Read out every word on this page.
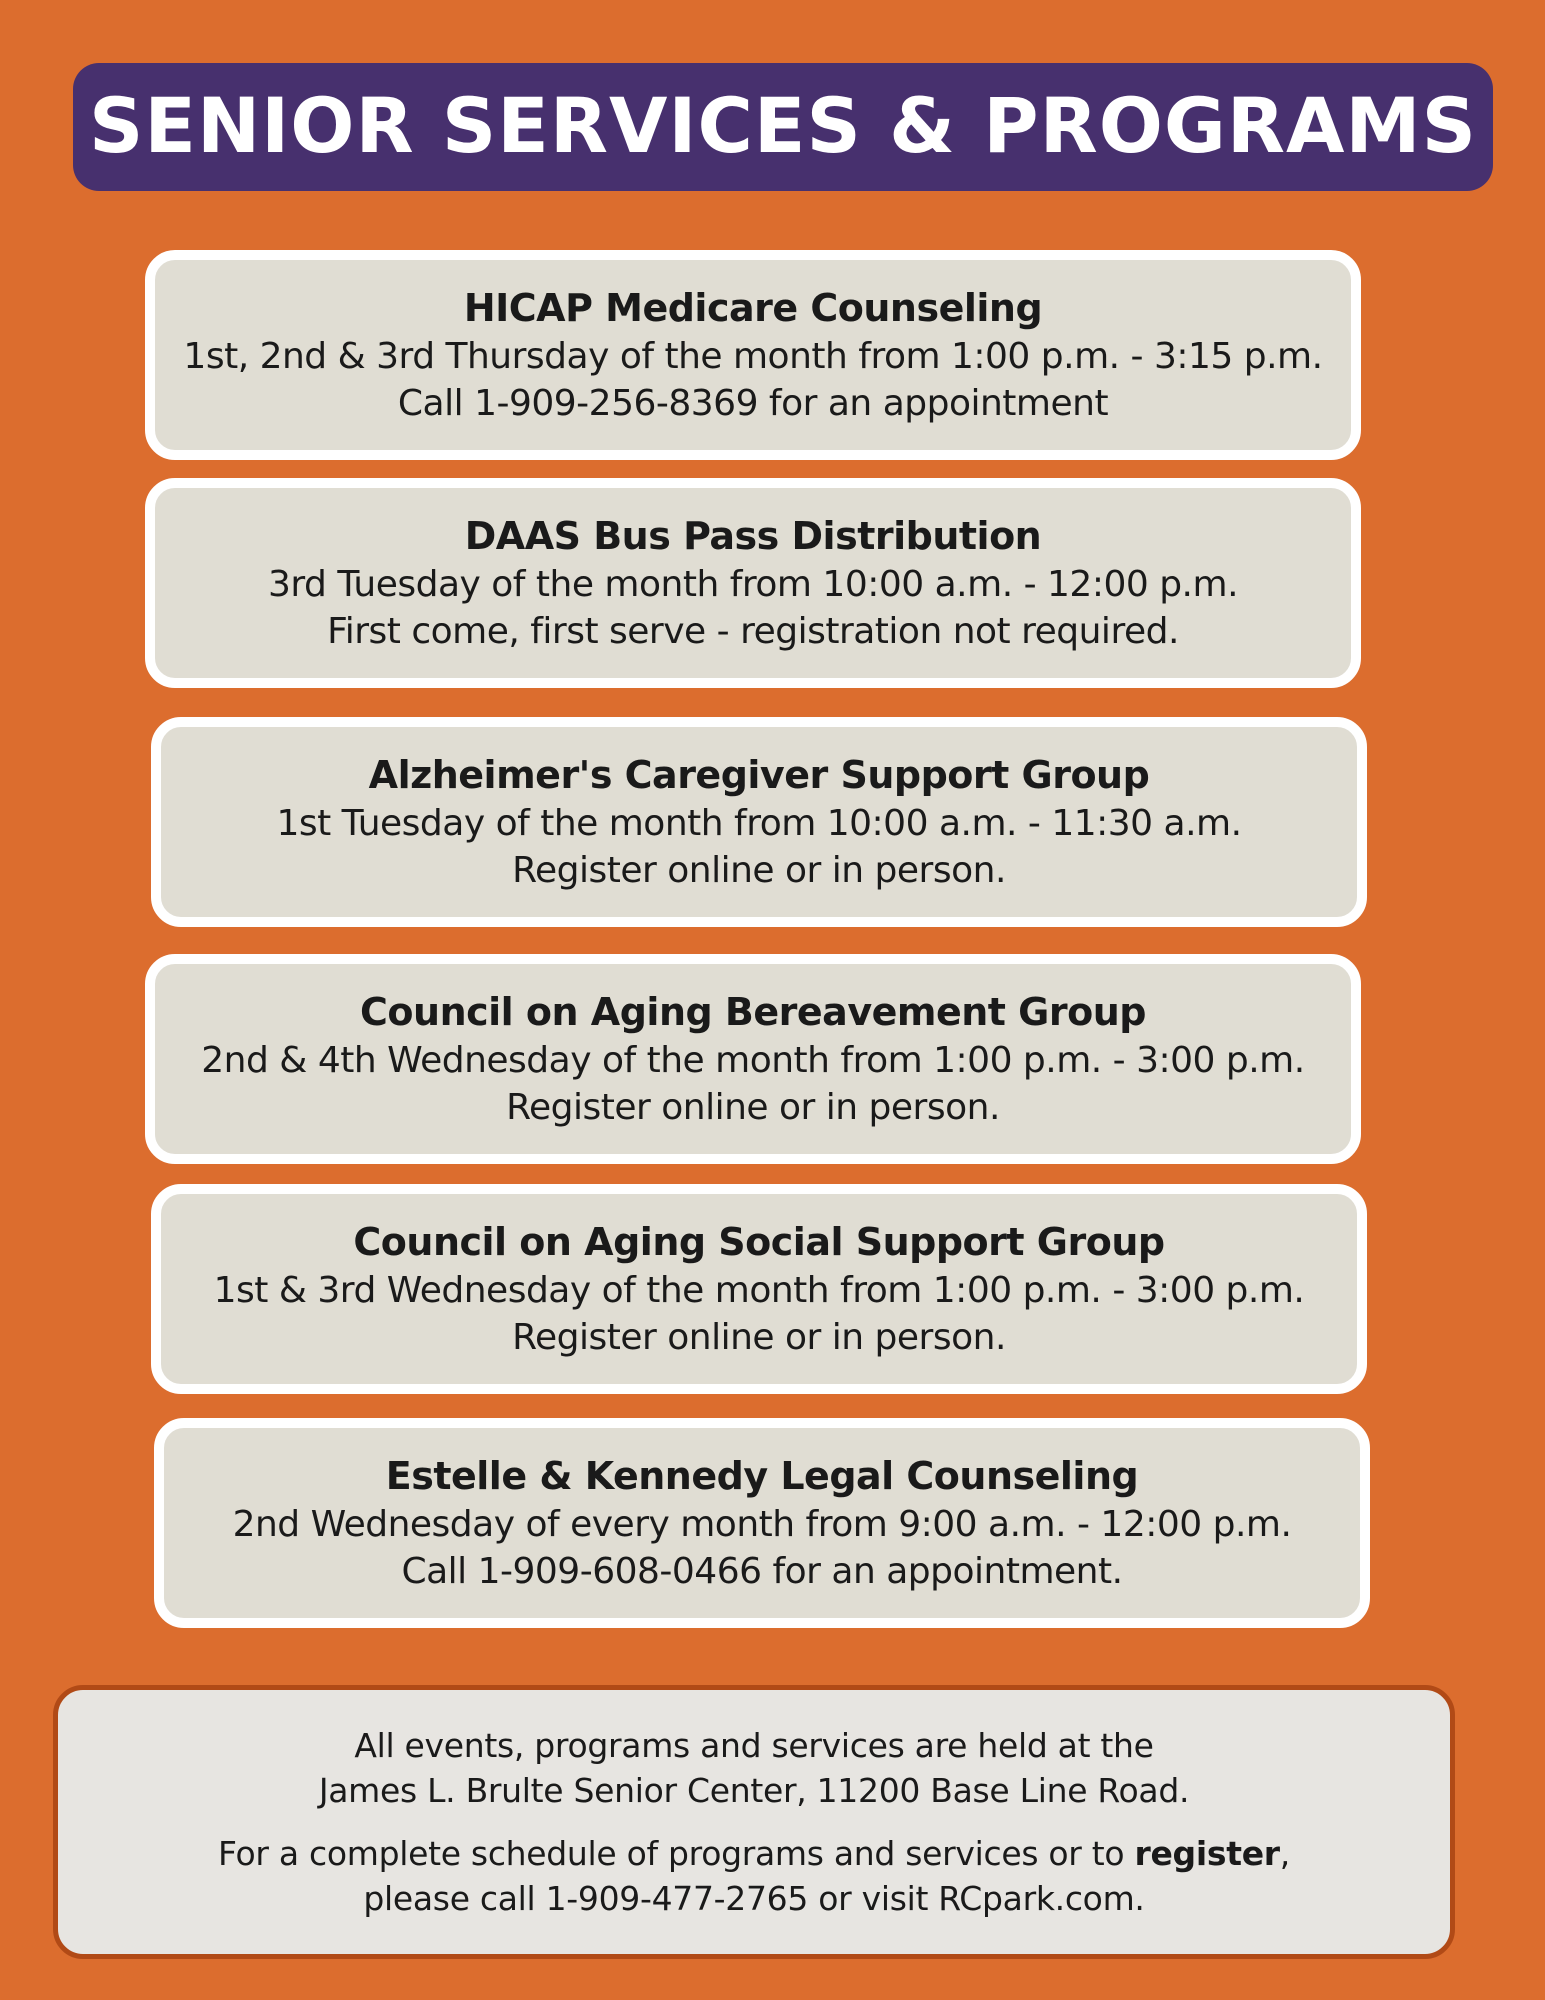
SENIOR SERVICES & PROGRAMS
HICAP Medicare Counseling
1st, 2nd & 3rd Thursday of the month from 1:00 p.m. - 3:15 p.m.
Call 1-909-256-8369 for an appointment
DAAS Bus Pass Distribution
3rd Tuesday of the month from 10:00 a.m. - 12:00 p.m.
First come, first serve - registration not required.
Alzheimer's Caregiver Support Group
1st Tuesday of the month from 10:00 a.m. - 11:30 a.m.
Register online or in person.
Council on Aging Bereavement Group
2nd & 4th Wednesday of the month from 1:00 p.m. - 3:00 p.m.
Register online or in person.
Council on Aging Social Support Group
1st & 3rd Wednesday of the month from 1:00 p.m. - 3:00 p.m.
Register online or in person.
Estelle & Kennedy Legal Counseling
2nd Wednesday of every month from 9:00 a.m. - 12:00 p.m.
Call 1-909-608-0466 for an appointment.
All events, programs and services are held at the
James L. Brulte Senior Center, 11200 Base Line Road.
For a complete schedule of programs and services or to register,
please call 1-909-477-2765 or visit RCpark.com.
